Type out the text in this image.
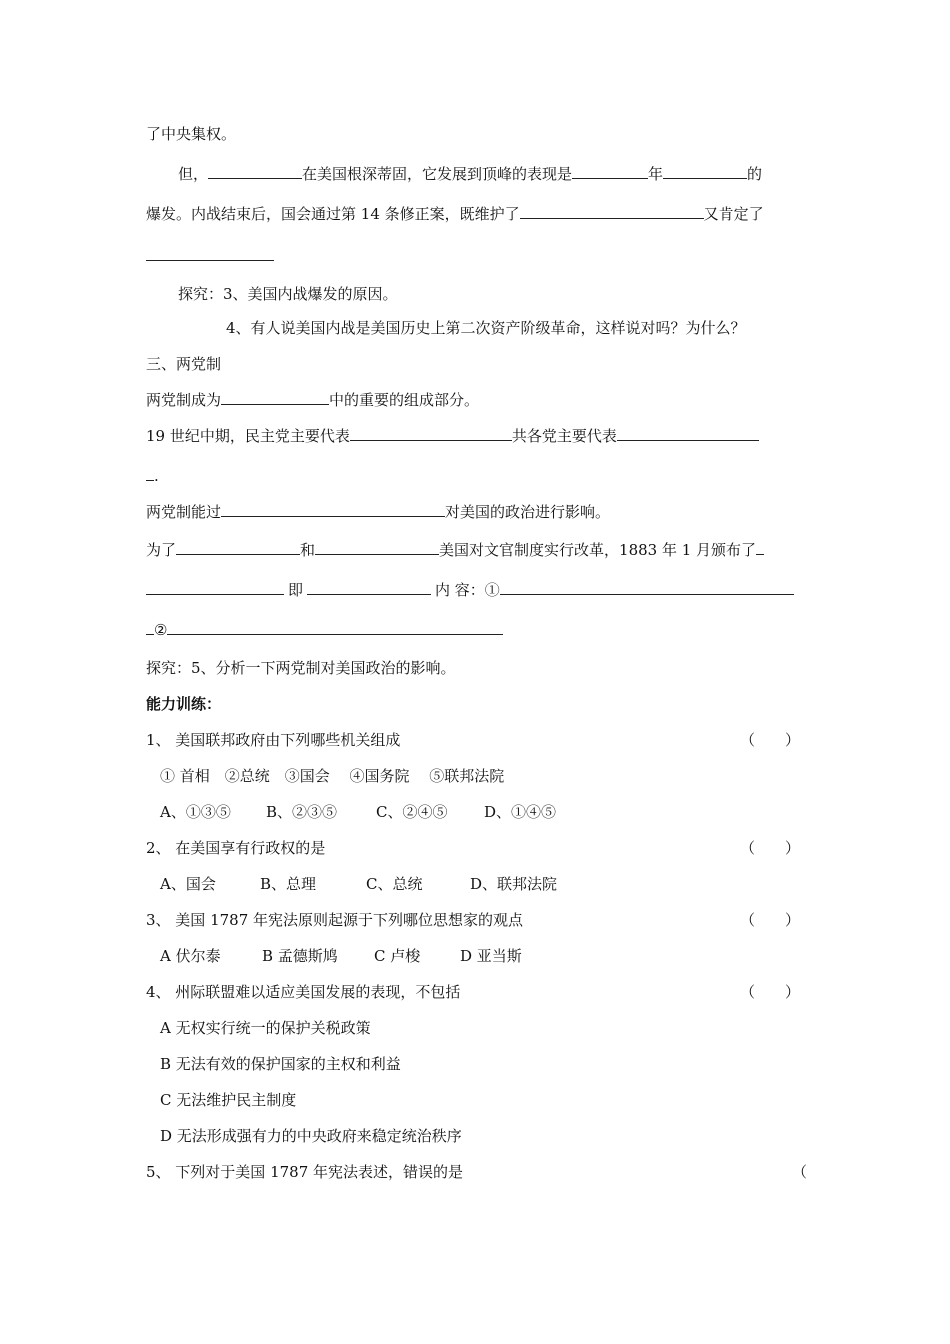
了中央集权。
但，	在美国根深蒂固，它发展到顶峰的表现是	年	的
爆发。内战结束后，国会通过第 14 条修正案，既维护了	又肯定了
探究：3、美国内战爆发的原因。
4、有人说美国内战是美国历史上第二次资产阶级革命，这样说对吗？为什么？
三、两党制
两党制成为	中的重要的组成部分。
19 世纪中期，民主党主要代表	共各党主要代表
.
两党制能过	对美国的政治进行影响。
为了	和	美国对文官制度实行改革，1883 年 1 月颁布了
即	内 容：①
②
探究：5、分析一下两党制对美国政治的影响。
能力训练：
1、 美国联邦政府由下列哪些机关组成	（　　）
① 首相　②总统　③国会　 ④国务院　 ⑤联邦法院
A、①③⑤ B、②③⑤	C、②④⑤ D、①④⑤
2、 在美国享有行政权的是	（　　）
A、国会	B、总理	C、总统	D、联邦法院
3、 美国 1787 年宪法原则起源于下列哪位思想家的观点	（　　）
A 伏尔泰	B 孟德斯鸠 C 卢梭	D 亚当斯
4、 州际联盟难以适应美国发展的表现，不包括	（　　）
A 无权实行统一的保护关税政策
B 无法有效的保护国家的主权和利益
C 无法维护民主制度
D 无法形成强有力的中央政府来稳定统治秩序
5、 下列对于美国 1787 年宪法表述，错误的是	（
